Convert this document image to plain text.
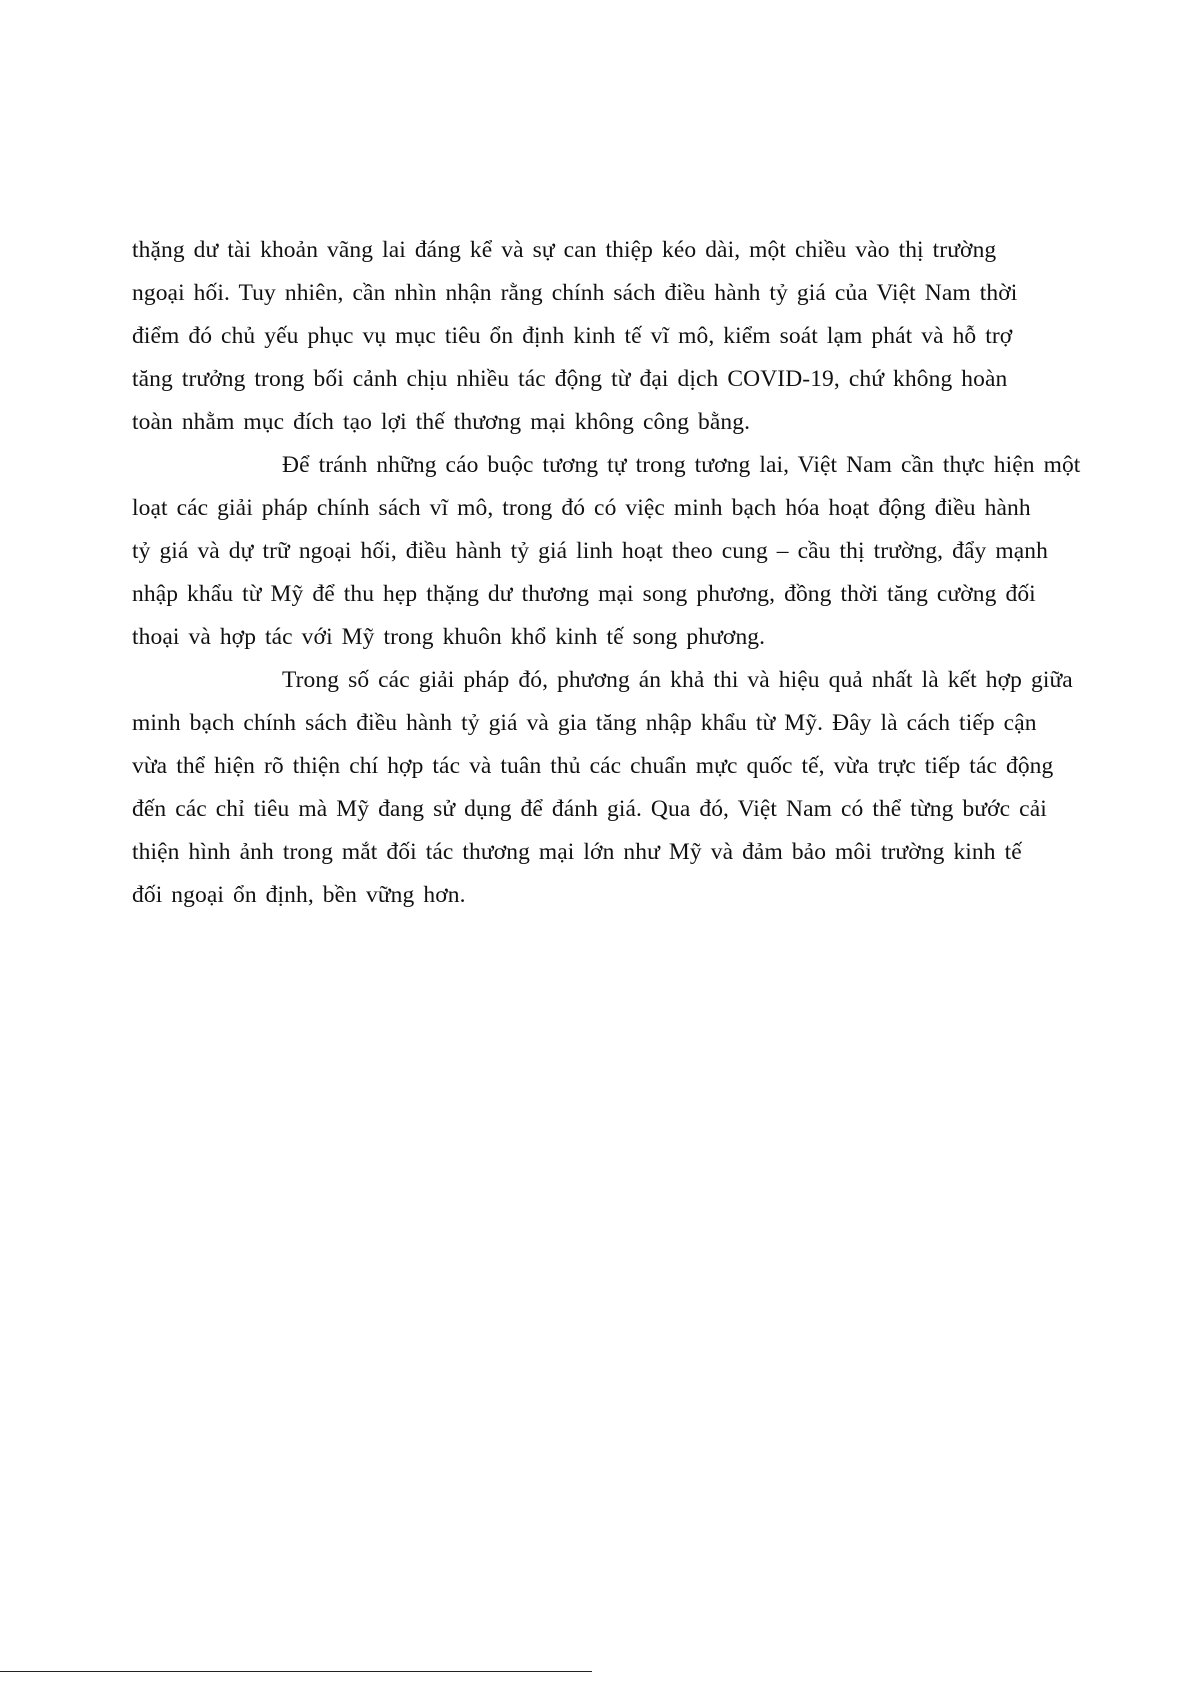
thặng dư tài khoản vãng lai đáng kể và sự can thiệp kéo dài, một chiều vào thị trường
ngoại hối. Tuy nhiên, cần nhìn nhận rằng chính sách điều hành tỷ giá của Việt Nam thời
điểm đó chủ yếu phục vụ mục tiêu ổn định kinh tế vĩ mô, kiểm soát lạm phát và hỗ trợ
tăng trưởng trong bối cảnh chịu nhiều tác động từ đại dịch COVID-19, chứ không hoàn
toàn nhằm mục đích tạo lợi thế thương mại không công bằng.
Để tránh những cáo buộc tương tự trong tương lai, Việt Nam cần thực hiện một
loạt các giải pháp chính sách vĩ mô, trong đó có việc minh bạch hóa hoạt động điều hành
tỷ giá và dự trữ ngoại hối, điều hành tỷ giá linh hoạt theo cung – cầu thị trường, đẩy mạnh
nhập khẩu từ Mỹ để thu hẹp thặng dư thương mại song phương, đồng thời tăng cường đối
thoại và hợp tác với Mỹ trong khuôn khổ kinh tế song phương.
Trong số các giải pháp đó, phương án khả thi và hiệu quả nhất là kết hợp giữa
minh bạch chính sách điều hành tỷ giá và gia tăng nhập khẩu từ Mỹ. Đây là cách tiếp cận
vừa thể hiện rõ thiện chí hợp tác và tuân thủ các chuẩn mực quốc tế, vừa trực tiếp tác động
đến các chỉ tiêu mà Mỹ đang sử dụng để đánh giá. Qua đó, Việt Nam có thể từng bước cải
thiện hình ảnh trong mắt đối tác thương mại lớn như Mỹ và đảm bảo môi trường kinh tế
đối ngoại ổn định, bền vững hơn.
